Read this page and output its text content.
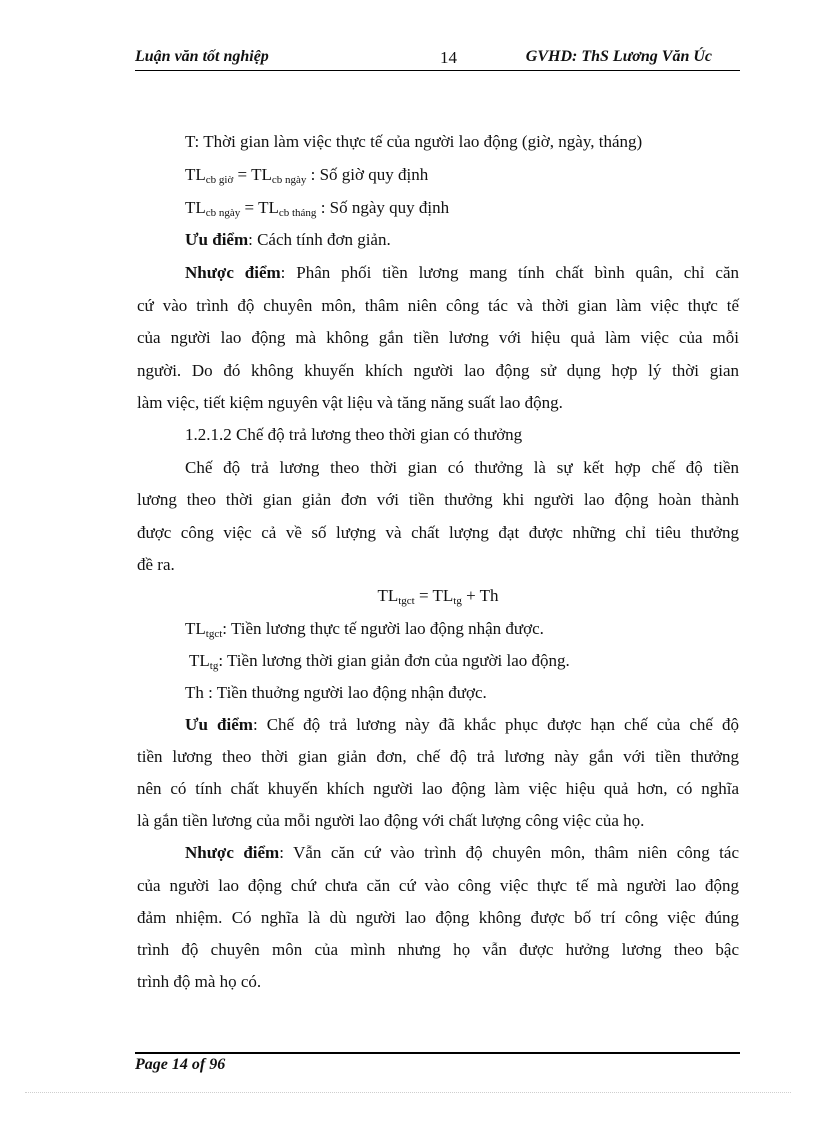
Luận văn tốt nghiệp	14	GVHD: ThS Lương Văn Úc
T: Thời gian làm việc thực tế của người lao động (giờ, ngày, tháng)
$TL_{cb giờ} = TL_{cb ngày}$ : Số giờ quy định
$TL_{cb ngày} = TL_{cb tháng}$ : Số ngày quy định
Ưu điểm: Cách tính đơn giản.
Nhược điểm: Phân phối tiền lương mang tính chất bình quân, chỉ căn
cứ vào trình độ chuyên môn, thâm niên công tác và thời gian làm việc thực tế
của người lao động mà không gắn tiền lương với hiệu quả làm việc của mỗi
người. Do đó không khuyến khích người lao động sử dụng hợp lý thời gian
làm việc, tiết kiệm nguyên vật liệu và tăng năng suất lao động.
1.2.1.2 Chế độ trả lương theo thời gian có thưởng
Chế độ trả lương theo thời gian có thưởng là sự kết hợp chế độ tiền
lương theo thời gian giản đơn với tiền thưởng khi người lao động hoàn thành
được công việc cả về số lượng và chất lượng đạt được những chỉ tiêu thưởng
đề ra.
$TL_{tgct} = TL_{tg} + Th$
$TL_{tgct}$: Tiền lương thực tế người lao động nhận được.
$TL_{tg}$: Tiền lương thời gian giản đơn của người lao động.
Th : Tiền thuởng người lao động nhận được.
Ưu điểm: Chế độ trả lương này đã khắc phục được hạn chế của chế độ
tiền lương theo thời gian giản đơn, chế độ trả lương này gắn với tiền thưởng
nên có tính chất khuyến khích người lao động làm việc hiệu quả hơn, có nghĩa
là gắn tiền lương của mỗi người lao động với chất lượng công việc của họ.
Nhược điểm: Vẫn căn cứ vào trình độ chuyên môn, thâm niên công tác
của người lao động chứ chưa căn cứ vào công việc thực tế mà người lao động
đảm nhiệm. Có nghĩa là dù người lao động không được bố trí công việc đúng
trình độ chuyên môn của mình nhưng họ vẫn được hưởng lương theo bậc
trình độ mà họ có.
Page 14 of 96
